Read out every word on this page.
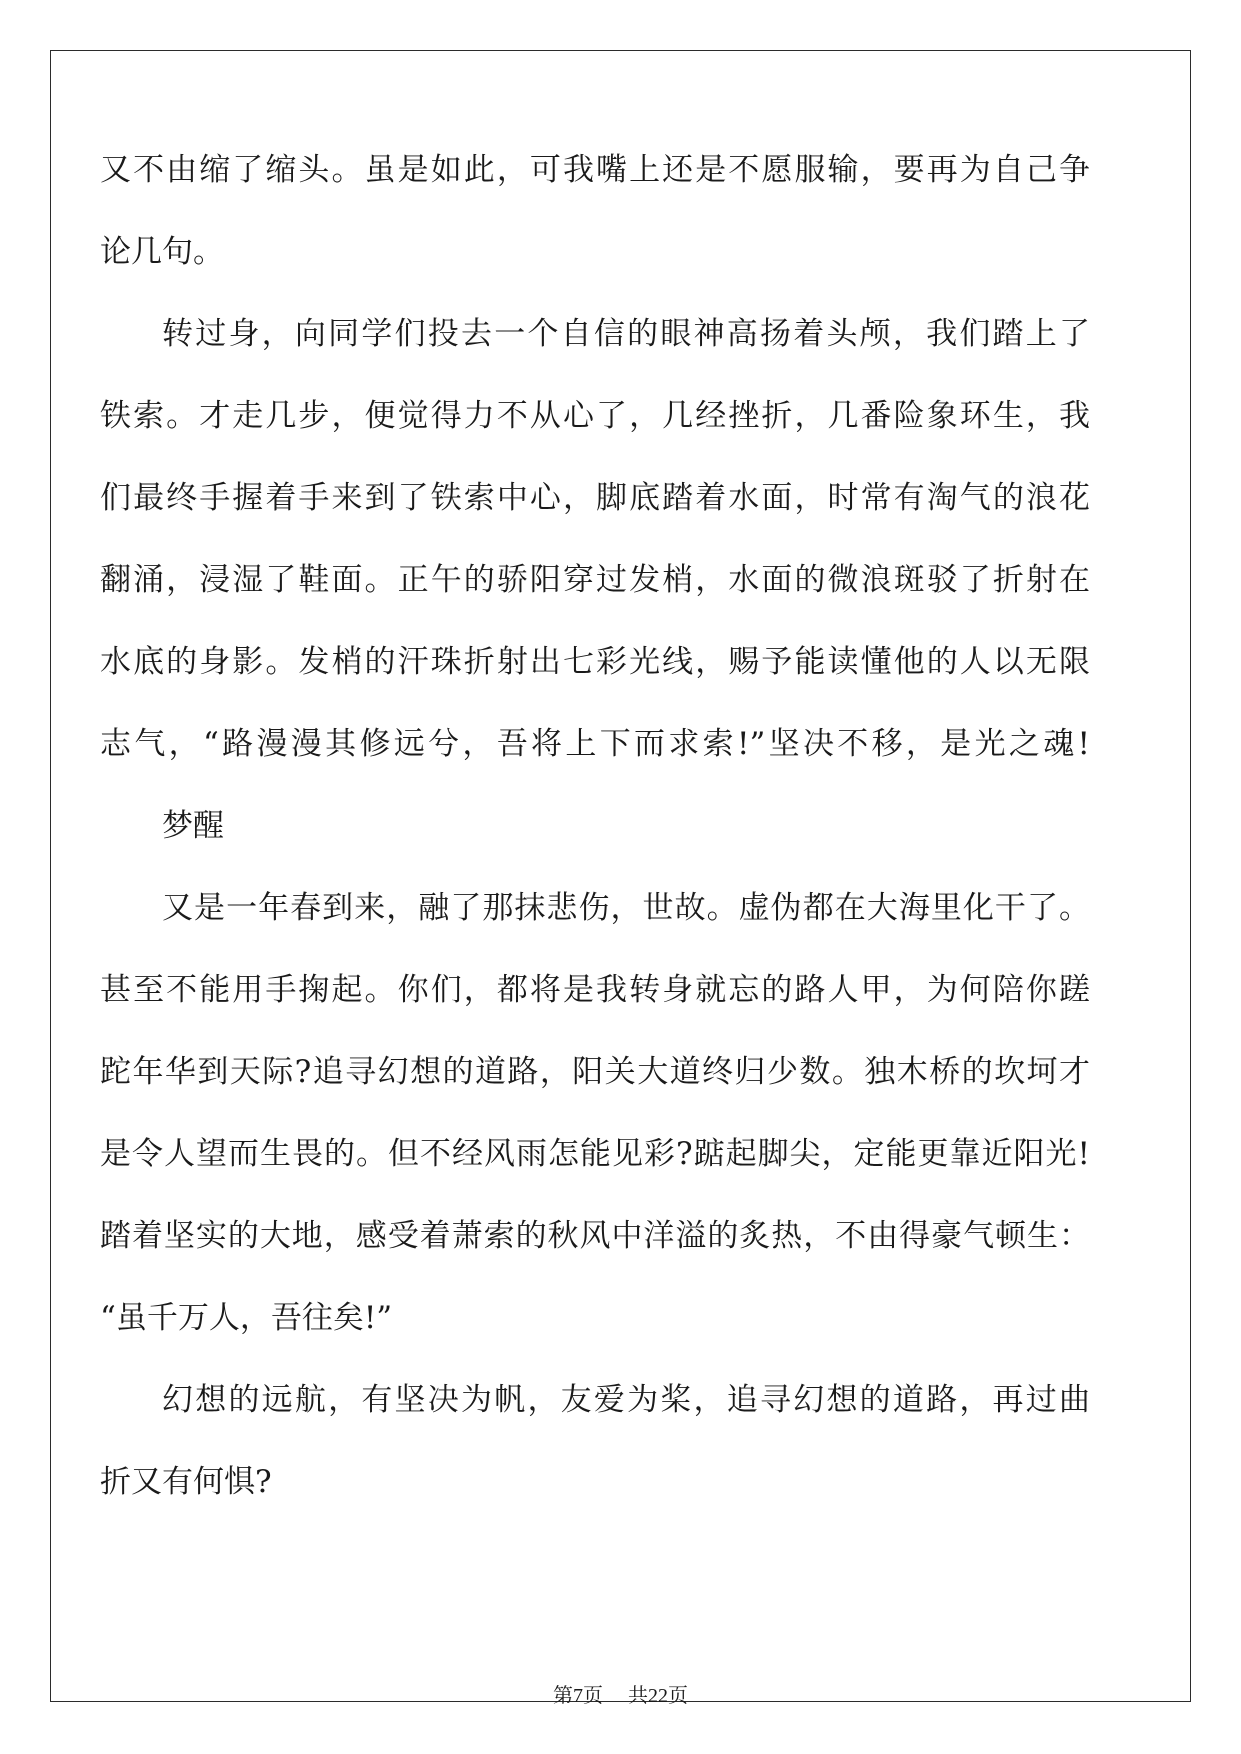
又不由缩了缩头。虽是如此，可我嘴上还是不愿服输，要再为自己争
论几句。
转过身，向同学们投去一个自信的眼神高扬着头颅，我们踏上了
铁索。才走几步，便觉得力不从心了，几经挫折，几番险象环生，我
们最终手握着手来到了铁索中心，脚底踏着水面，时常有淘气的浪花
翻涌，浸湿了鞋面。正午的骄阳穿过发梢，水面的微浪斑驳了折射在
水底的身影。发梢的汗珠折射出七彩光线，赐予能读懂他的人以无限
志气，“路漫漫其修远兮，吾将上下而求索!”坚决不移，是光之魂!
梦醒
又是一年春到来，融了那抹悲伤，世故。虚伪都在大海里化干了。
甚至不能用手掬起。你们，都将是我转身就忘的路人甲，为何陪你蹉
跎年华到天际?追寻幻想的道路，阳关大道终归少数。独木桥的坎坷才
是令人望而生畏的。但不经风雨怎能见彩?踮起脚尖，定能更靠近阳光!
踏着坚实的大地，感受着萧索的秋风中洋溢的炙热，不由得豪气顿生：
“虽千万人，吾往矣!”
幻想的远航，有坚决为帆，友爱为桨，追寻幻想的道路，再过曲
折又有何惧?
第7页　 共22页
